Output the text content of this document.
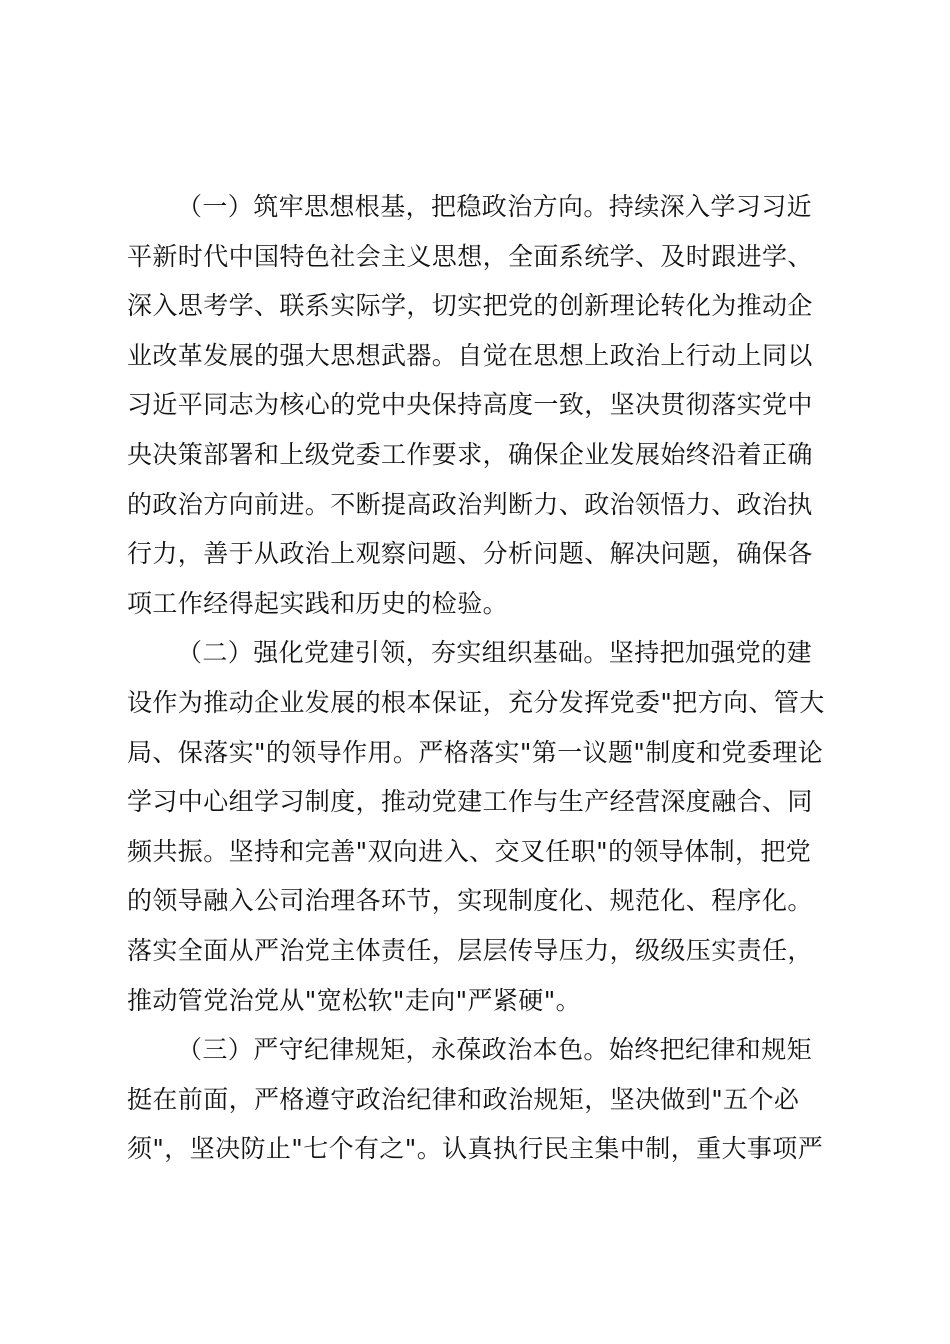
（一）筑牢思想根基，把稳政治方向。持续深入学习习近
平新时代中国特色社会主义思想，全面系统学、及时跟进学、
深入思考学、联系实际学，切实把党的创新理论转化为推动企
业改革发展的强大思想武器。自觉在思想上政治上行动上同以
习近平同志为核心的党中央保持高度一致，坚决贯彻落实党中
央决策部署和上级党委工作要求，确保企业发展始终沿着正确
的政治方向前进。不断提高政治判断力、政治领悟力、政治执
行力，善于从政治上观察问题、分析问题、解决问题，确保各
项工作经得起实践和历史的检验。
（二）强化党建引领，夯实组织基础。坚持把加强党的建
设作为推动企业发展的根本保证，充分发挥党委"把方向、管大
局、保落实"的领导作用。严格落实"第一议题"制度和党委理论
学习中心组学习制度，推动党建工作与生产经营深度融合、同
频共振。坚持和完善"双向进入、交叉任职"的领导体制，把党
的领导融入公司治理各环节，实现制度化、规范化、程序化。
落实全面从严治党主体责任，层层传导压力，级级压实责任，
推动管党治党从"宽松软"走向"严紧硬"。
（三）严守纪律规矩，永葆政治本色。始终把纪律和规矩
挺在前面，严格遵守政治纪律和政治规矩，坚决做到"五个必
须"，坚决防止"七个有之"。认真执行民主集中制，重大事项严
